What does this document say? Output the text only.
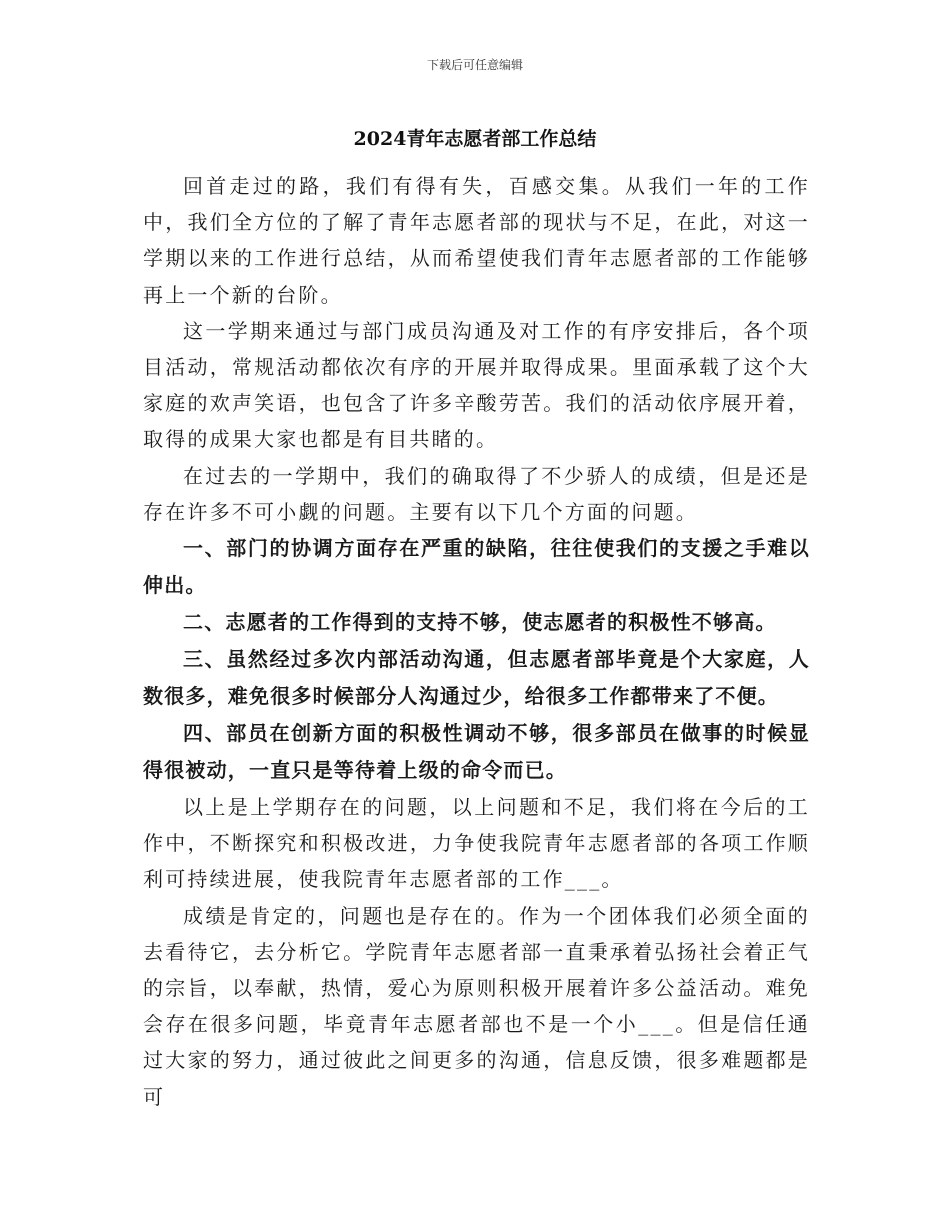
下载后可任意编辑
2024青年志愿者部工作总结

回首走过的路，我们有得有失，百感交集。从我们一年的工作中，我们全方位的了解了青年志愿者部的现状与不足，在此，对这一学期以来的工作进行总结，从而希望使我们青年志愿者部的工作能够再上一个新的台阶。

这一学期来通过与部门成员沟通及对工作的有序安排后，各个项目活动，常规活动都依次有序的开展并取得成果。里面承载了这个大家庭的欢声笑语，也包含了许多辛酸劳苦。我们的活动依序展开着，取得的成果大家也都是有目共睹的。

在过去的一学期中，我们的确取得了不少骄人的成绩，但是还是存在许多不可小觑的问题。主要有以下几个方面的问题。

一、部门的协调方面存在严重的缺陷，往往使我们的支援之手难以伸出。

二、志愿者的工作得到的支持不够，使志愿者的积极性不够高。

三、虽然经过多次内部活动沟通，但志愿者部毕竟是个大家庭，人数很多，难免很多时候部分人沟通过少，给很多工作都带来了不便。

四、部员在创新方面的积极性调动不够，很多部员在做事的时候显得很被动，一直只是等待着上级的命令而已。

以上是上学期存在的问题，以上问题和不足，我们将在今后的工作中，不断探究和积极改进，力争使我院青年志愿者部的各项工作顺利可持续进展，使我院青年志愿者部的工作___。

成绩是肯定的，问题也是存在的。作为一个团体我们必须全面的去看待它，去分析它。学院青年志愿者部一直秉承着弘扬社会着正气的宗旨，以奉献，热情，爱心为原则积极开展着许多公益活动。难免会存在很多问题，毕竟青年志愿者部也不是一个小___。但是信任通过大家的努力，通过彼此之间更多的沟通，信息反馈，很多难题都是可
